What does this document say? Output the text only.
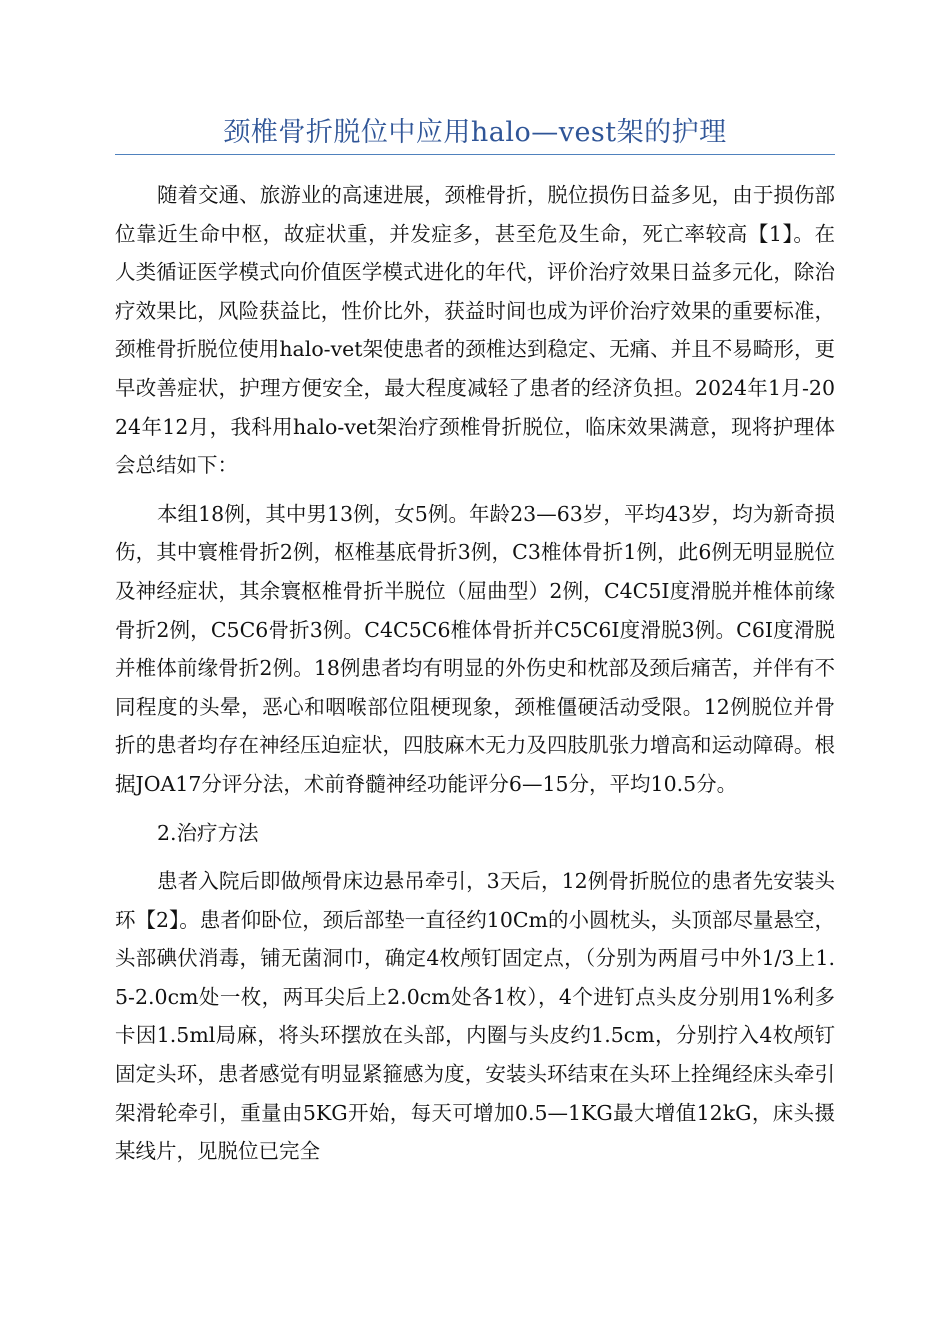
颈椎骨折脱位中应用halo—vest架的护理

随着交通、旅游业的高速进展，颈椎骨折，脱位损伤日益多见，由于损伤部位靠近生命中枢，故症状重，并发症多，甚至危及生命，死亡率较高【1】。在人类循证医学模式向价值医学模式进化的年代，评价治疗效果日益多元化，除治疗效果比，风险获益比，性价比外，获益时间也成为评价治疗效果的重要标准，颈椎骨折脱位使用halo-vet架使患者的颈椎达到稳定、无痛、并且不易畸形，更早改善症状，护理方便安全，最大程度减轻了患者的经济负担。2024年1月-2024年12月，我科用halo-vet架治疗颈椎骨折脱位，临床效果满意，现将护理体会总结如下：

本组18例，其中男13例，女5例。年龄23—63岁，平均43岁，均为新奇损伤，其中寰椎骨折2例，枢椎基底骨折3例，C3椎体骨折1例，此6例无明显脱位及神经症状，其余寰枢椎骨折半脱位（屈曲型）2例，C4C5I度滑脱并椎体前缘骨折2例，C5C6骨折3例。C4C5C6椎体骨折并C5C6I度滑脱3例。C6I度滑脱并椎体前缘骨折2例。18例患者均有明显的外伤史和枕部及颈后痛苦，并伴有不同程度的头晕，恶心和咽喉部位阻梗现象，颈椎僵硬活动受限。12例脱位并骨折的患者均存在神经压迫症状，四肢麻木无力及四肢肌张力增高和运动障碍。根据JOA17分评分法，术前脊髓神经功能评分6—15分，平均10.5分。

2.治疗方法

患者入院后即做颅骨床边悬吊牵引，3天后，12例骨折脱位的患者先安装头环【2】。患者仰卧位，颈后部垫一直径约10Cm的小圆枕头，头顶部尽量悬空，头部碘伏消毒，铺无菌洞巾，确定4枚颅钉固定点，（分别为两眉弓中外1/3上1.5-2.0cm处一枚，两耳尖后上2.0cm处各1枚），4个进钉点头皮分别用1%利多卡因1.5ml局麻，将头环摆放在头部，内圈与头皮约1.5cm，分别拧入4枚颅钉固定头环，患者感觉有明显紧箍感为度，安装头环结束在头环上拴绳经床头牵引架滑轮牵引，重量由5KG开始，每天可增加0.5—1KG最大增值12kG，床头摄某线片，见脱位已完全
